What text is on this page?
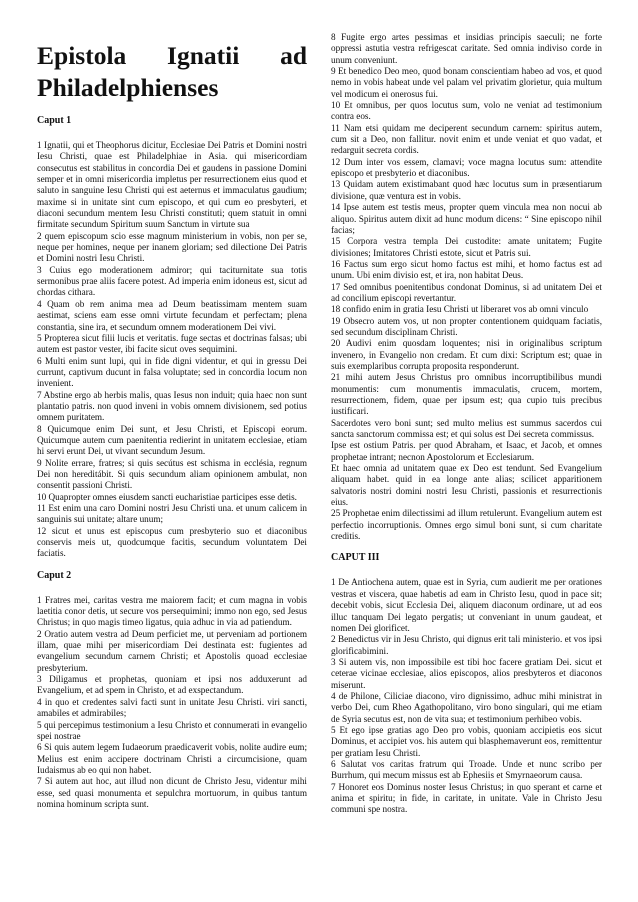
Epistola Ignatii ad
Philadelphienses
Caput 1

1 Ignatii, qui et Theophorus dicitur, Ecclesiae Dei Patris et Domini nostri Iesu Christi, quae est Philadelphiae in Asia. qui misericordiam consecutus est stabilitus in concordia Dei et gaudens in passione Domini semper et in omni misericordia impletus per resurrectionem eius quod et saluto in sanguine Iesu Christi qui est aeternus et immaculatus gaudium; maxime si in unitate sint cum episcopo, et qui cum eo presbyteri, et diaconi secundum mentem Iesu Christi constituti; quem statuit in omni firmitate secundum Spiritum suum Sanctum in virtute sua

2 quem episcopum scio esse magnum ministerium in vobis, non per se, neque per homines, neque per inanem gloriam; sed dilectione Dei Patris et Domini nostri Iesu Christi.

3 Cuius ego moderationem admiror; qui taciturnitate sua totis sermonibus prae aliis facere potest. Ad imperia enim idoneus est, sicut ad chordas cithara.

4 Quam ob rem anima mea ad Deum beatissimam mentem suam aestimat, sciens eam esse omni virtute fecundam et perfectam; plena constantia, sine ira, et secundum omnem moderationem Dei vivi.

5 Propterea sicut filii lucis et veritatis. fuge sectas et doctrinas falsas; ubi autem est pastor vester, ibi facite sicut oves sequimini.

6 Multi enim sunt lupi, qui in fide digni videntur, et qui in gressu Dei currunt, captivum ducunt in falsa voluptate; sed in concordia locum non invenient.

7 Abstine ergo ab herbis malis, quas Iesus non induit; quia haec non sunt plantatio patris. non quod inveni in vobis omnem divisionem, sed potius omnem puritatem.

8 Quicumque enim Dei sunt, et Jesu Christi, et Episcopi eorum. Quicumque autem cum paenitentia redierint in unitatem ecclesiae, etiam hi servi erunt Dei, ut vivant secundum Jesum.

9 Nolite errare, fratres; si quis secútus est schisma in ecclésia, regnum Dei non hereditábit. Si quis secundum aliam opinionem ambulat, non consentit passioni Christi.

10 Quapropter omnes eiusdem sancti eucharistiae participes esse detis.

11 Est enim una caro Domini nostri Jesu Christi una. et unum calicem in sanguinis sui unitate; altare unum;

12 sicut et unus est episcopus cum presbyterio suo et diaconibus conservis meis ut, quodcumque facitis, secundum voluntatem Dei faciatis.

Caput 2

1 Fratres mei, caritas vestra me maiorem facit; et cum magna in vobis laetitia conor detis, ut secure vos persequimini; immo non ego, sed Jesus Christus; in quo magis timeo ligatus, quia adhuc in via ad patiendum.

2 Oratio autem vestra ad Deum perficiet me, ut perveniam ad portionem illam, quae mihi per misericordiam Dei destinata est: fugientes ad evangelium secundum carnem Christi; et Apostolis quoad ecclesiae presbyterium.

3 Diligamus et prophetas, quoniam et ipsi nos adduxerunt ad Evangelium, et ad spem in Christo, et ad exspectandum.

4 in quo et credentes salvi facti sunt in unitate Jesu Christi. viri sancti, amabiles et admirabiles;

5 qui percepimus testimonium a Iesu Christo et connumerati in evangelio spei nostrae

6 Si quis autem legem Iudaeorum praedicaverit vobis, nolite audire eum; Melius est enim accipere doctrinam Christi a circumcisione, quam Iudaismus ab eo qui non habet.

7 Si autem aut hoc, aut illud non dicunt de Christo Jesu, videntur mihi esse, sed quasi monumenta et sepulchra mortuorum, in quibus tantum nomina hominum scripta sunt.

8 Fugite ergo artes pessimas et insidias principis saeculi; ne forte oppressi astutia vestra refrigescat caritate. Sed omnia indiviso corde in unum conveniunt.

9 Et benedico Deo meo, quod bonam conscientiam habeo ad vos, et quod nemo in vobis habeat unde vel palam vel privatim glorietur, quia multum vel modicum ei onerosus fui.

10 Et omnibus, per quos locutus sum, volo ne veniat ad testimonium contra eos.

11 Nam etsi quidam me deciperent secundum carnem: spiritus autem, cum sit a Deo, non fallitur. novit enim et unde veniat et quo vadat, et redarguit secreta cordis.

12 Dum inter vos essem, clamavi; voce magna locutus sum: attendite episcopo et presbyterio et diaconibus.

13 Quidam autem existimabant quod hæc locutus sum in præsentiarum divisione, quæ ventura est in vobis.

14 Ipse autem est testis meus, propter quem vincula mea non nocui ab aliquo. Spiritus autem dixit ad hunc modum dicens: “ Sine episcopo nihil facias;

15 Corpora vestra templa Dei custodite: amate unitatem; Fugite divisiones; Imitatores Christi estote, sicut et Patris sui.

16 Factus sum ergo sicut homo factus est mihi, et homo factus est ad unum. Ubi enim divisio est, et ira, non habitat Deus.

17 Sed omnibus poenitentibus condonat Dominus, si ad unitatem Dei et ad concilium episcopi revertantur.

18 confido enim in gratia Iesu Christi ut liberaret vos ab omni vinculo

19 Obsecro autem vos, ut non propter contentionem quidquam faciatis, sed secundum disciplinam Christi.

20 Audivi enim quosdam loquentes; nisi in originalibus scriptum invenero, in Evangelio non credam. Et cum dixi: Scriptum est; quae in suis exemplaribus corrupta proposita responderunt.

21 mihi autem Jesus Christus pro omnibus incorruptibilibus mundi monumentis: cum monumentis immaculatis, crucem, mortem, resurrectionem, fidem, quae per ipsum est; qua cupio tuis precibus iustificari.

Sacerdotes vero boni sunt; sed multo melius est summus sacerdos cui sancta sanctorum commissa est; et qui solus est Dei secreta commissus.

Ipse est ostium Patris. per quod Abraham, et Isaac, et Jacob, et omnes prophetae intrant; necnon Apostolorum et Ecclesiarum.

Et haec omnia ad unitatem quae ex Deo est tendunt. Sed Evangelium aliquam habet. quid in ea longe ante alias; scilicet apparitionem salvatoris nostri domini nostri Iesu Christi, passionis et resurrectionis eius.

25 Prophetae enim dilectissimi ad illum retulerunt. Evangelium autem est perfectio incorruptionis. Omnes ergo simul boni sunt, si cum charitate creditis.

CAPUT III

1 De Antiochena autem, quae est in Syria, cum audierit me per orationes vestras et viscera, quae habetis ad eam in Christo Iesu, quod in pace sit; decebit vobis, sicut Ecclesia Dei, aliquem diaconum ordinare, ut ad eos illuc tanquam Dei legato pergatis; ut conveniant in unum gaudeat, et nomen Dei glorificet.

2 Benedictus vir in Jesu Christo, qui dignus erit tali ministerio. et vos ipsi glorificabimini.

3 Si autem vis, non impossibile est tibi hoc facere gratiam Dei. sicut et ceterae vicinae ecclesiae, alios episcopos, alios presbyteros et diaconos miserunt.

4 de Philone, Ciliciae diacono, viro dignissimo, adhuc mihi ministrat in verbo Dei, cum Rheo Agathopolitano, viro bono singulari, qui me etiam de Syria secutus est, non de vita sua; et testimonium perhibeo vobis.

5 Et ego ipse gratias ago Deo pro vobis, quoniam accipietis eos sicut Dominus, et accipiet vos. his autem qui blasphemaverunt eos, remittentur per gratiam Iesu Christi.

6 Salutat vos caritas fratrum qui Troade. Unde et nunc scribo per Burrhum, qui mecum missus est ab Ephesiis et Smyrnaeorum causa.

7 Honoret eos Dominus noster Iesus Christus; in quo sperant et carne et anima et spiritu; in fide, in caritate, in unitate. Vale in Christo Jesu communi spe nostra.
